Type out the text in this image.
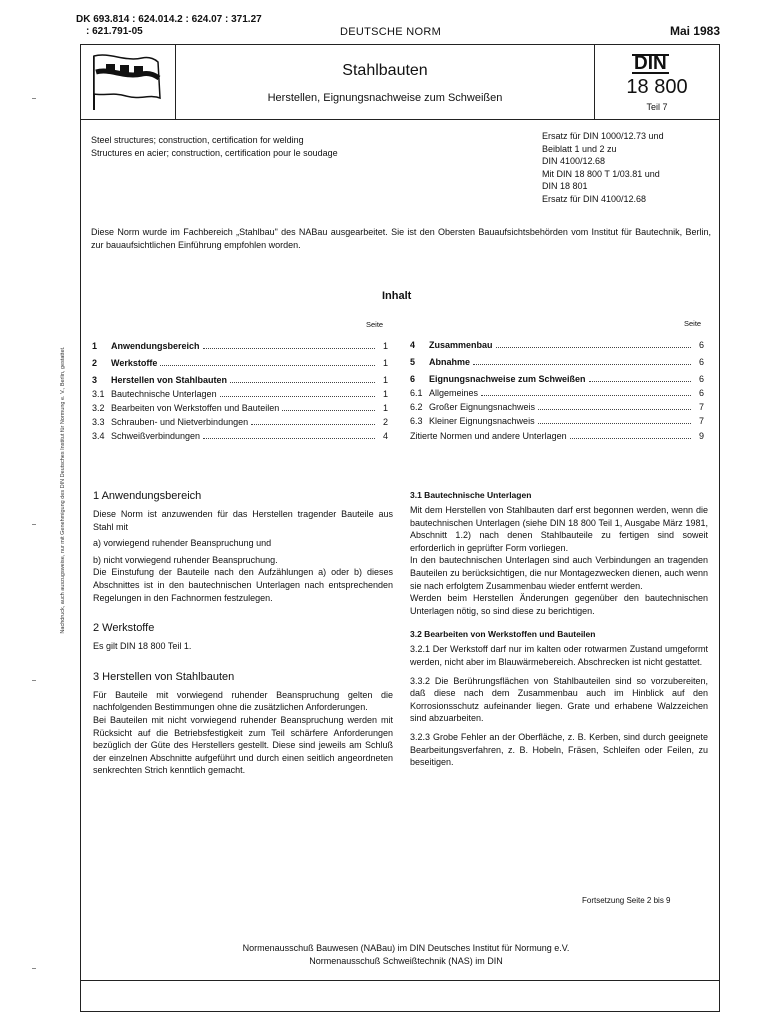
DK 693.814 : 624.014.2 : 624.07 : 371.27
: 621.791-05	DEUTSCHE NORM	Mai 1983
Stahlbauten
Herstellen, Eignungsnachweise zum Schweißen
DIN
18 800
Teil 7
Steel structures; construction, certification for welding
Structures en acier; construction, certification pour le soudage
Ersatz für DIN 1000/12.73 und
Beiblatt 1 und 2 zu
DIN 4100/12.68
Mit DIN 18 800 T 1/03.81 und
DIN 18 801
Ersatz für DIN 4100/12.68
Diese Norm wurde im Fachbereich „Stahlbau" des NABau ausgearbeitet. Sie ist den Obersten Bauaufsichtsbehörden vom Institut für Bautechnik, Berlin, zur bauaufsichtlichen Einführung empfohlen worden.
Inhalt
Seite	Seite
1	Anwendungsbereich	1
2	Werkstoffe	1
3	Herstellen von Stahlbauten	1
3.1 Bautechnische Unterlagen	1
3.2 Bearbeiten von Werkstoffen und Bauteilen	1
3.3 Schrauben- und Nietverbindungen	2
3.4 Schweißverbindungen	4
4	Zusammenbau	6
5	Abnahme	6
6	Eignungsnachweise zum Schweißen	6
6.1 Allgemeines	6
6.2 Großer Eignungsnachweis	7
6.3 Kleiner Eignungsnachweis	7
Zitierte Normen und andere Unterlagen	9
1 Anwendungsbereich
Diese Norm ist anzuwenden für das Herstellen tragender Bauteile aus Stahl mit
a) vorwiegend ruhender Beanspruchung und
b) nicht vorwiegend ruhender Beanspruchung.
Die Einstufung der Bauteile nach den Aufzählungen a) oder b) dieses Abschnittes ist in den bautechnischen Unterlagen nach entsprechenden Regelungen in den Fachnormen festzulegen.
2 Werkstoffe
Es gilt DIN 18 800 Teil 1.
3 Herstellen von Stahlbauten
Für Bauteile mit vorwiegend ruhender Beanspruchung gelten die nachfolgenden Bestimmungen ohne die zusätzlichen Anforderungen.
Bei Bauteilen mit nicht vorwiegend ruhender Beanspruchung werden mit Rücksicht auf die Betriebsfestigkeit zum Teil schärfere Anforderungen bezüglich der Güte des Herstellers gestellt. Diese sind jeweils am Schluß der einzelnen Abschnitte aufgeführt und durch einen seitlich angeordneten senkrechten Strich kenntlich gemacht.
3.1 Bautechnische Unterlagen
Mit dem Herstellen von Stahlbauten darf erst begonnen werden, wenn die bautechnischen Unterlagen (siehe DIN 18 800 Teil 1, Ausgabe März 1981, Abschnitt 1.2) nach denen Stahlbauteile zu fertigen sind soweit erforderlich in geprüfter Form vorliegen.
In den bautechnischen Unterlagen sind auch Verbindungen an tragenden Bauteilen zu berücksichtigen, die nur Montagezwecken dienen, auch wenn sie nach erfolgtem Zusammenbau wieder entfernt werden.
Werden beim Herstellen Änderungen gegenüber den bautechnischen Unterlagen nötig, so sind diese zu berichtigen.
3.2 Bearbeiten von Werkstoffen und Bauteilen
3.2.1 Der Werkstoff darf nur im kalten oder rotwarmen Zustand umgeformt werden, nicht aber im Blauwärmebereich. Abschrecken ist nicht gestattet.
3.3.2 Die Berührungsflächen von Stahlbauteilen sind so vorzubereiten, daß diese nach dem Zusammenbau auch im Hinblick auf den Korrosionsschutz aufeinander liegen. Grate und erhabene Walzzeichen sind abzuarbeiten.
3.2.3 Grobe Fehler an der Oberfläche, z. B. Kerben, sind durch geeignete Bearbeitungsverfahren, z. B. Hobeln, Fräsen, Schleifen oder Feilen, zu beseitigen.
Fortsetzung Seite 2 bis 9
Normenausschuß Bauwesen (NABau) im DIN Deutsches Institut für Normung e.V.
Normenausschuß Schweißtechnik (NAS) im DIN
Nachdruck, auch auszugsweise, nur mit Genehmigung des DIN Deutsches Institut für Normung e. V., Berlin, gestattet.
